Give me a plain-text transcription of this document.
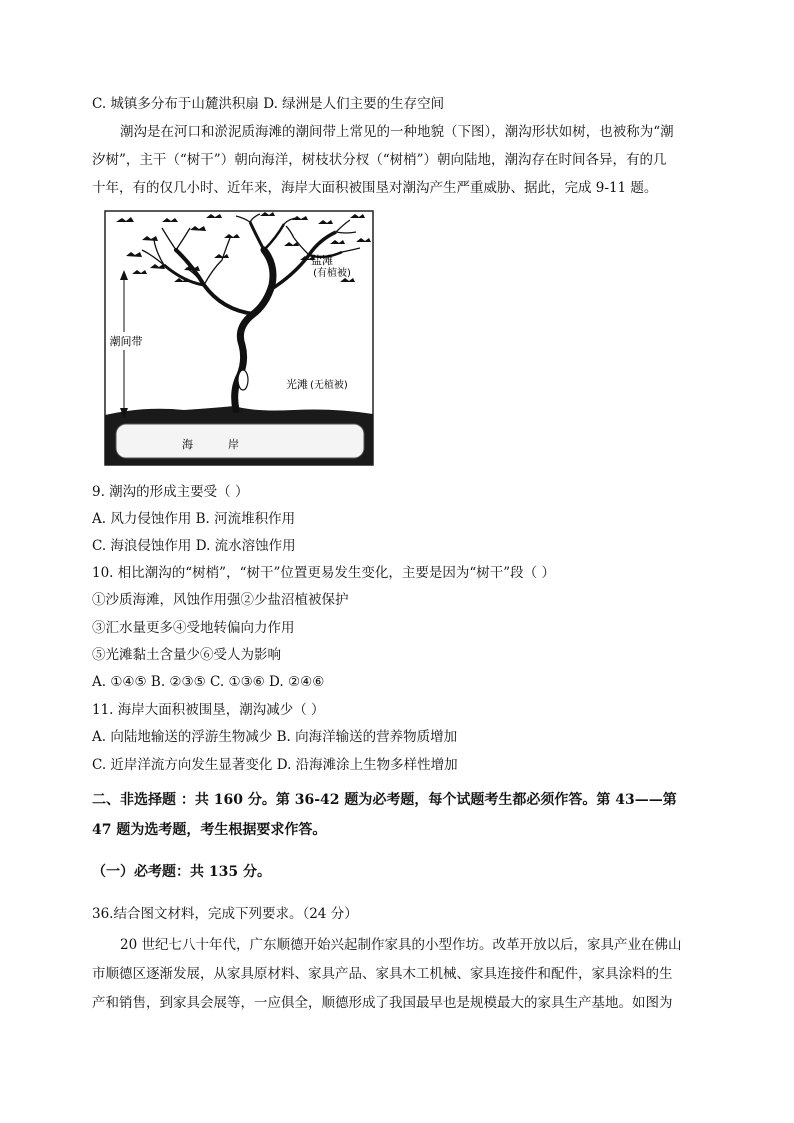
C. 城镇多分布于山麓洪积扇 D. 绿洲是人们主要的生存空间
潮沟是在河口和淤泥质海滩的潮间带上常见的一种地貌（下图），潮沟形状如树，也被称为“潮
汐树”，主干（“树干”）朝向海洋，树枝状分杈（“树梢”）朝向陆地，潮沟存在时间各异，有的几
十年，有的仅几小时、近年来，海岸大面积被围垦对潮沟产生严重威胁、据此，完成 9-11 题。
潮间带
盐滩
(有植被)
光滩 (无植被)
海	岸
9. 潮沟的形成主要受（ ）
A. 风力侵蚀作用 B. 河流堆积作用
C. 海浪侵蚀作用 D. 流水溶蚀作用
10. 相比潮沟的“树梢”，“树干”位置更易发生变化，主要是因为“树干”段（ ）
①沙质海滩，风蚀作用强②少盐沼植被保护
③汇水量更多④受地转偏向力作用
⑤光滩黏土含量少⑥受人为影响
A. ①④⑤ B. ②③⑤ C. ①③⑥ D. ②④⑥
11. 海岸大面积被围垦，潮沟减少（ ）
A. 向陆地输送的浮游生物减少 B. 向海洋输送的营养物质增加
C. 近岸洋流方向发生显著变化 D. 沿海滩涂上生物多样性增加
二、非选择题 ：共 160 分。第 36-42 题为必考题，每个试题考生都必须作答。第 43——第
47 题为选考题，考生根据要求作答。
（一）必考题：共 135 分。
36.结合图文材料，完成下列要求。（24 分）
20 世纪七八十年代，广东顺德开始兴起制作家具的小型作坊。改革开放以后，家具产业在佛山
市顺德区逐渐发展，从家具原材料、家具产品、家具木工机械、家具连接件和配件，家具涂料的生
产和销售，到家具会展等，一应俱全，顺德形成了我国最早也是规模最大的家具生产基地。如图为
